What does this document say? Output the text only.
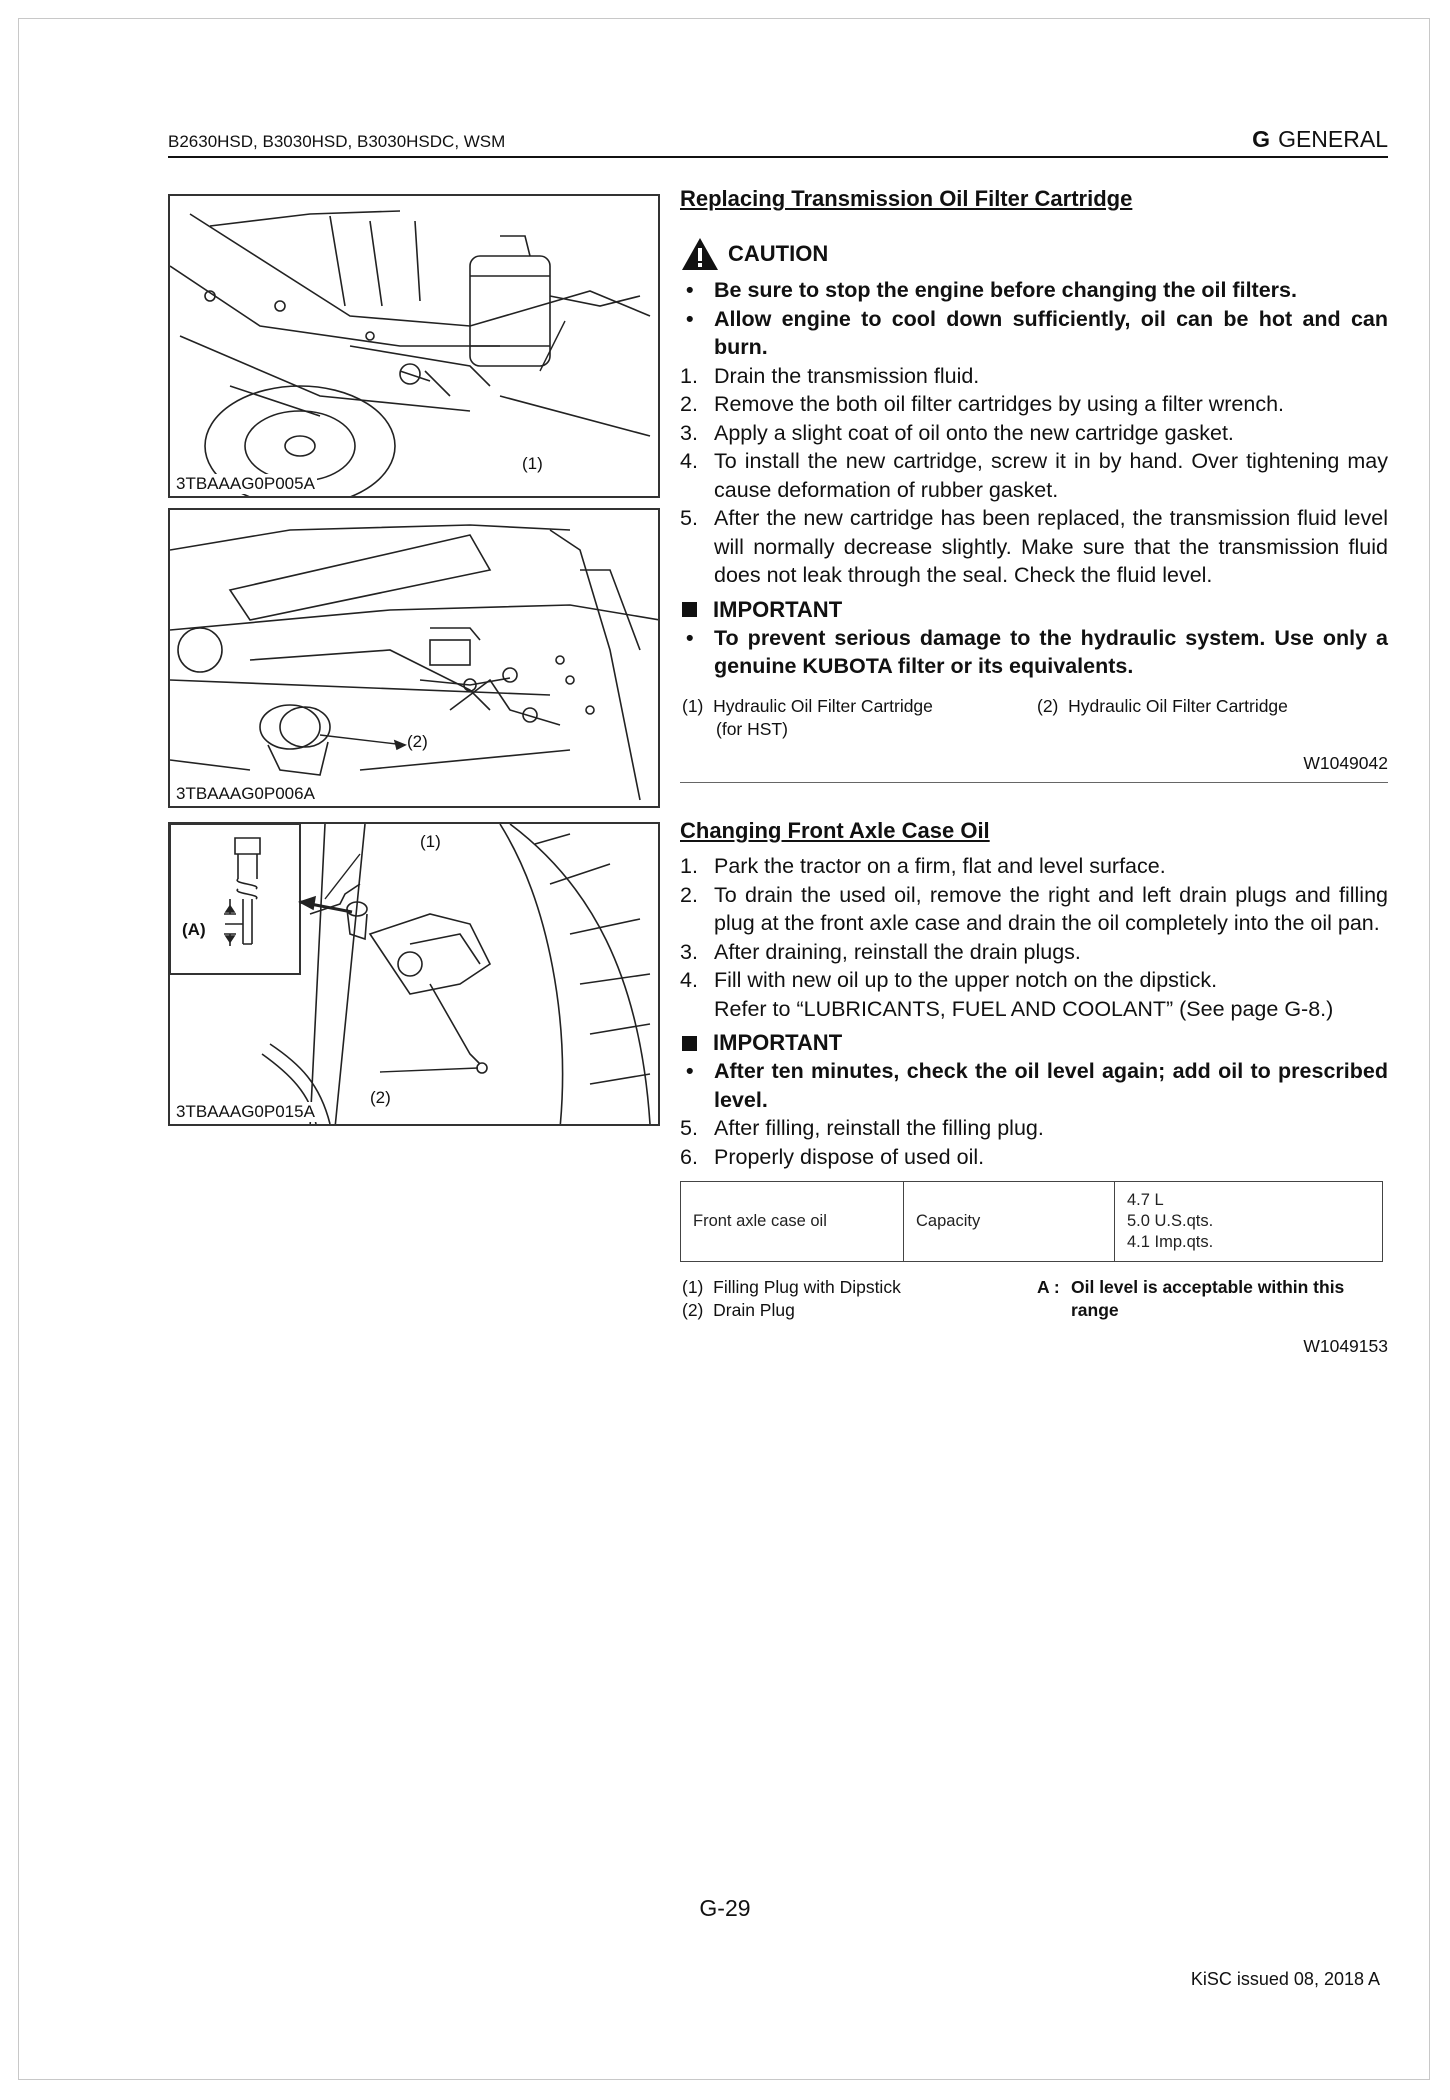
B2630HSD, B3030HSD, B3030HSDC, WSM	G GENERAL
(1)
3TBAAAG0P005A
(2)
3TBAAAG0P006A
(A)
(1)
(2)
3TBAAAG0P015A
Replacing Transmission Oil Filter Cartridge
CAUTION
• Be sure to stop the engine before changing the oil filters.
• Allow engine to cool down sufficiently, oil can be hot and can burn.
1. Drain the transmission fluid.
2. Remove the both oil filter cartridges by using a filter wrench.
3. Apply a slight coat of oil onto the new cartridge gasket.
4. To install the new cartridge, screw it in by hand. Over tightening may cause deformation of rubber gasket.
5. After the new cartridge has been replaced, the transmission fluid level will normally decrease slightly. Make sure that the transmission fluid does not leak through the seal. Check the fluid level.
IMPORTANT
• To prevent serious damage to the hydraulic system. Use only a genuine KUBOTA filter or its equivalents.
(1) Hydraulic Oil Filter Cartridge
(for HST)
(2) Hydraulic Oil Filter Cartridge
W1049042
Changing Front Axle Case Oil
1. Park the tractor on a firm, flat and level surface.
2. To drain the used oil, remove the right and left drain plugs and filling plug at the front axle case and drain the oil completely into the oil pan.
3. After draining, reinstall the drain plugs.
4. Fill with new oil up to the upper notch on the dipstick.
Refer to “LUBRICANTS, FUEL AND COOLANT” (See page G-8.)
IMPORTANT
• After ten minutes, check the oil level again; add oil to prescribed level.
5. After filling, reinstall the filling plug.
6. Properly dispose of used oil.
Front axle case oil	Capacity	
4.7 L
5.0 U.S.qts.
4.1 Imp.qts.
(1) Filling Plug with Dipstick
(2) Drain Plug
A : Oil level is acceptable within this range
W1049153
G-29
KiSC issued 08, 2018 A
